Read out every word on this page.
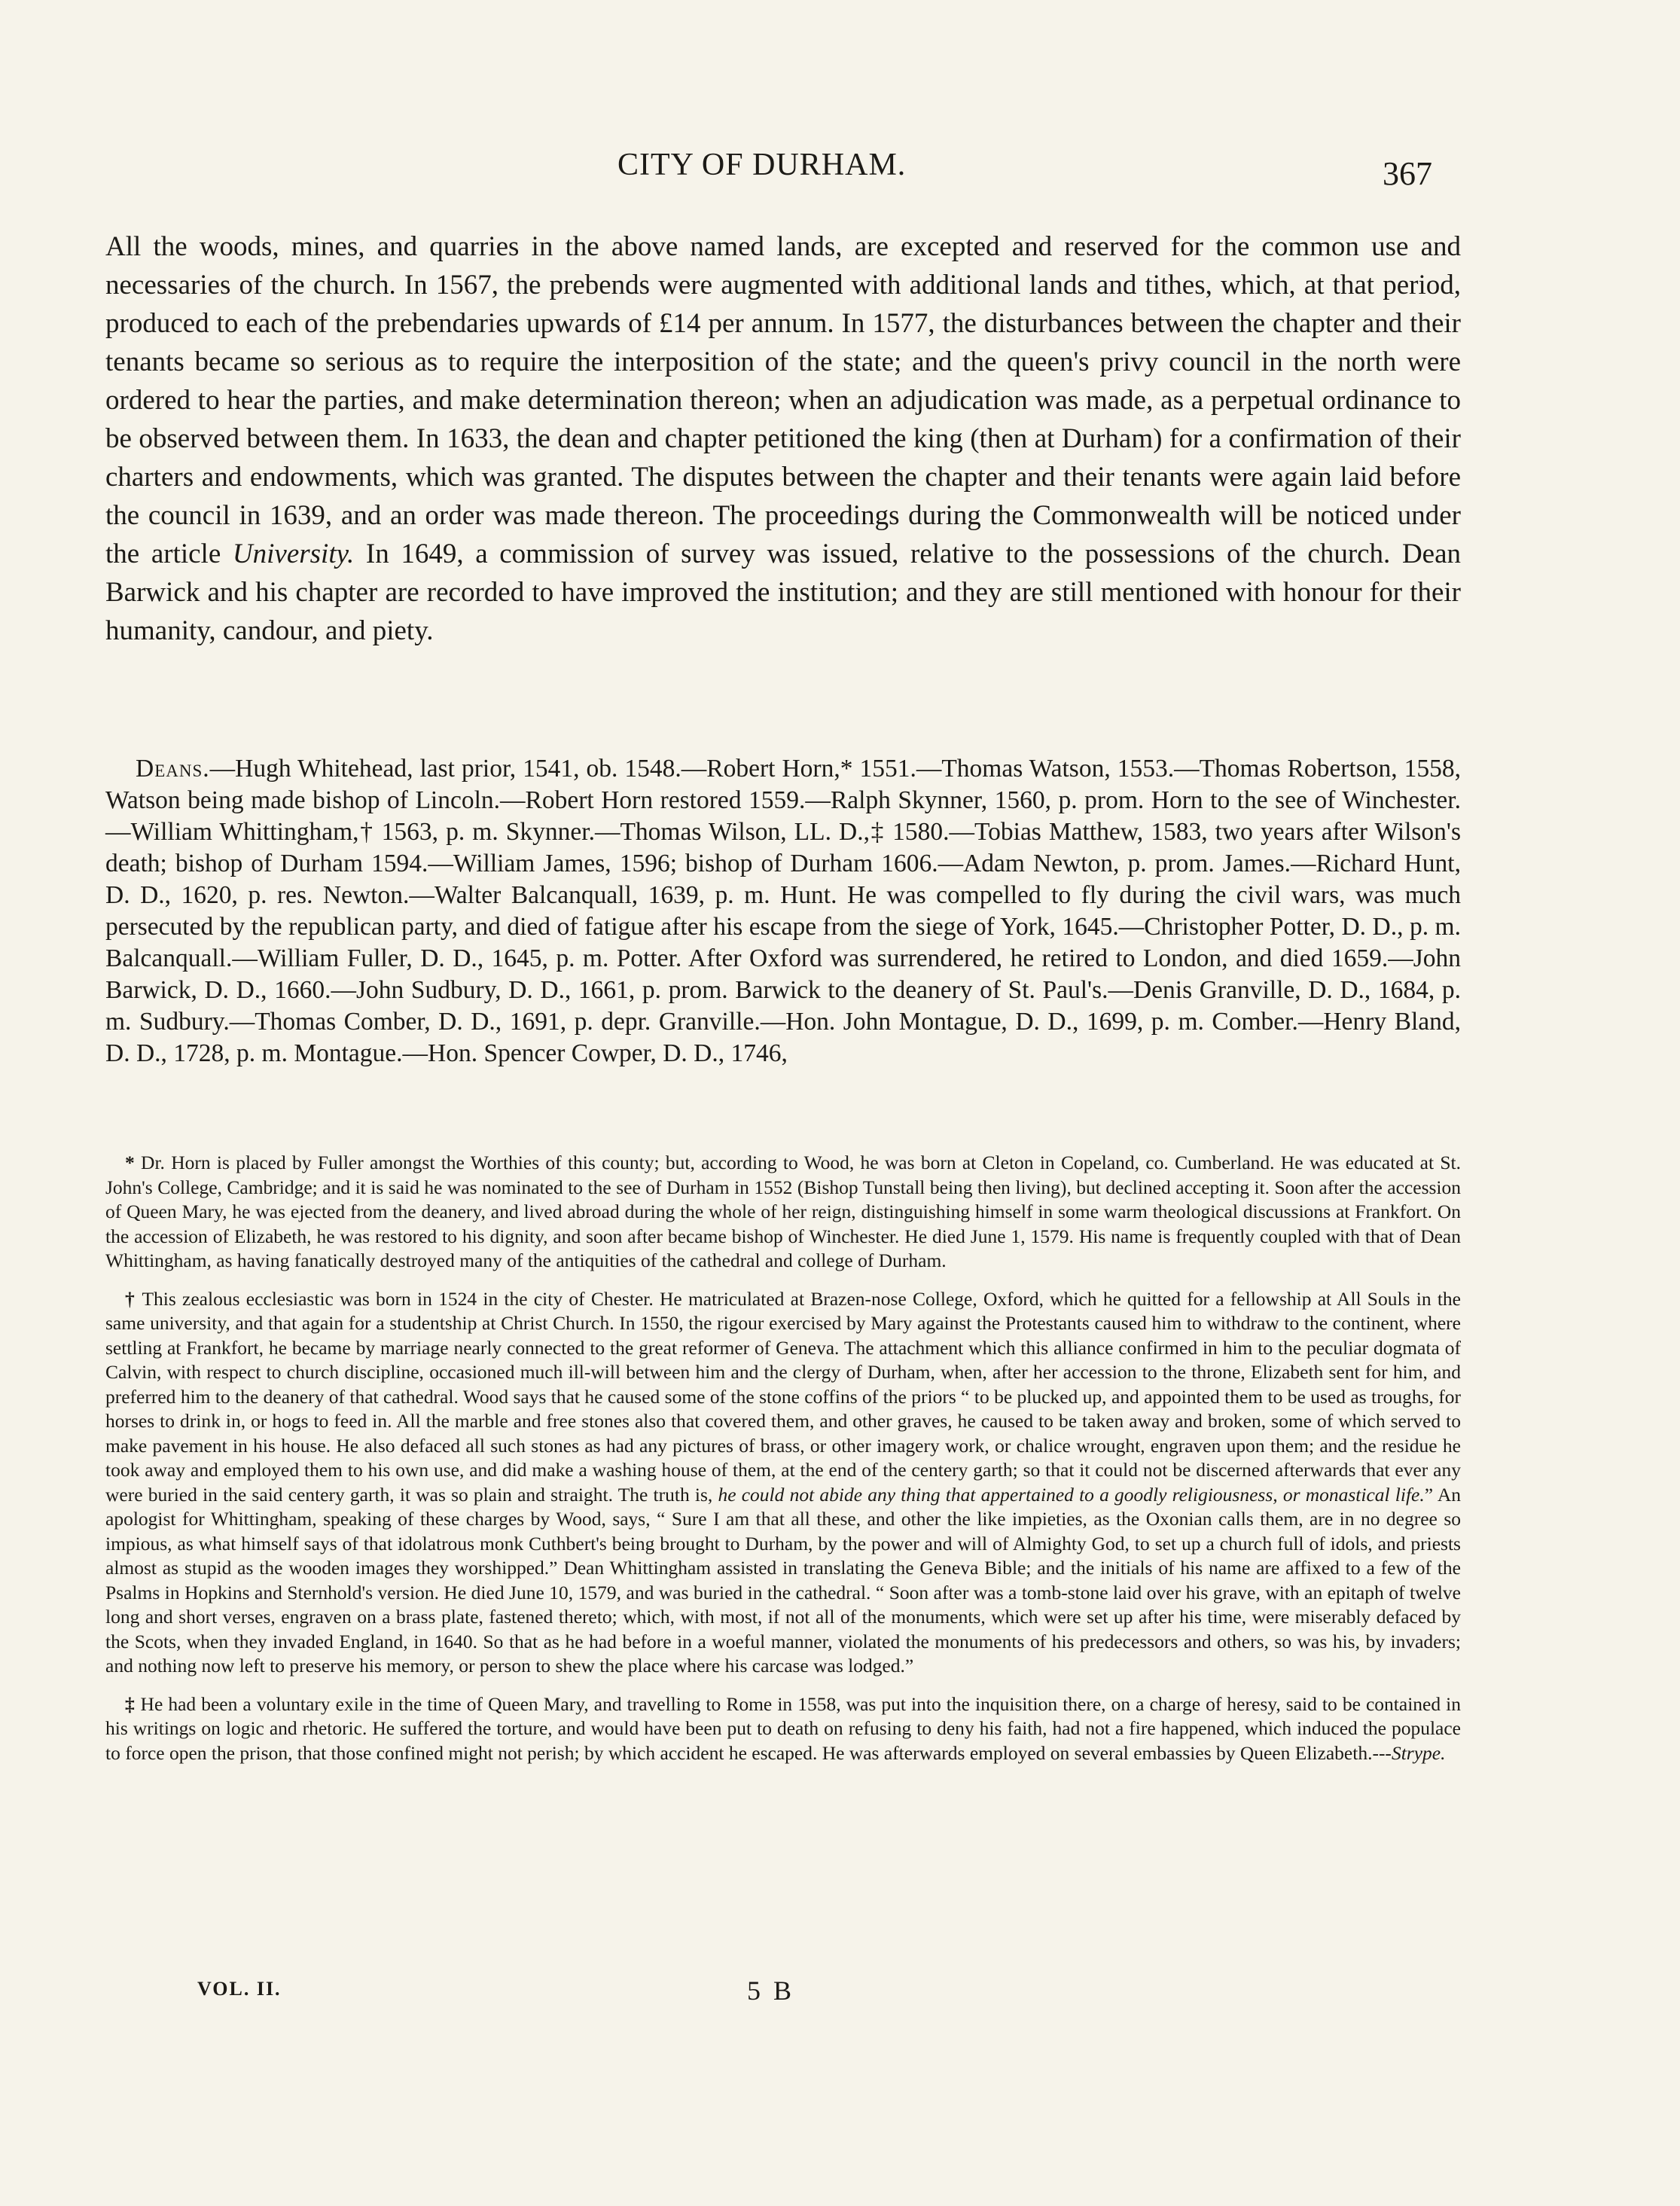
CITY OF DURHAM.	367

All the woods, mines, and quarries in the above named lands, are excepted and reserved for the common use and necessaries of the church. In 1567, the prebends were augmented with additional lands and tithes, which, at that period, produced to each of the prebendaries upwards of £14 per annum. In 1577, the disturbances between the chapter and their tenants became so serious as to require the interposition of the state; and the queen's privy council in the north were ordered to hear the parties, and make determination thereon; when an adjudication was made, as a perpetual ordinance to be observed between them. In 1633, the dean and chapter petitioned the king (then at Durham) for a confirmation of their charters and endowments, which was granted. The disputes between the chapter and their tenants were again laid before the council in 1639, and an order was made thereon. The proceedings during the Commonwealth will be noticed under the article University. In 1649, a commission of survey was issued, relative to the possessions of the church. Dean Barwick and his chapter are recorded to have improved the institution; and they are still mentioned with honour for their humanity, candour, and piety.

Deans.—Hugh Whitehead, last prior, 1541, ob. 1548.—Robert Horn,* 1551.—Thomas Watson, 1553.—Thomas Robertson, 1558, Watson being made bishop of Lincoln.—Robert Horn restored 1559.—Ralph Skynner, 1560, p. prom. Horn to the see of Winchester.—William Whittingham,† 1563, p. m. Skynner.—Thomas Wilson, LL. D.,‡ 1580.—Tobias Matthew, 1583, two years after Wilson's death; bishop of Durham 1594.—William James, 1596; bishop of Durham 1606.—Adam Newton, p. prom. James.—Richard Hunt, D. D., 1620, p. res. Newton.—Walter Balcanquall, 1639, p. m. Hunt. He was compelled to fly during the civil wars, was much persecuted by the republican party, and died of fatigue after his escape from the siege of York, 1645.—Christopher Potter, D. D., p. m. Balcanquall.—William Fuller, D. D., 1645, p. m. Potter. After Oxford was surrendered, he retired to London, and died 1659.—John Barwick, D. D., 1660.—John Sudbury, D. D., 1661, p. prom. Barwick to the deanery of St. Paul's.—Denis Granville, D. D., 1684, p. m. Sudbury.—Thomas Comber, D. D., 1691, p. depr. Granville.—Hon. John Montague, D. D., 1699, p. m. Comber.—Henry Bland, D. D., 1728, p. m. Montague.—Hon. Spencer Cowper, D. D., 1746,

* Dr. Horn is placed by Fuller amongst the Worthies of this county; but, according to Wood, he was born at Cleton in Copeland, co. Cumberland. He was educated at St. John's College, Cambridge; and it is said he was nominated to the see of Durham in 1552 (Bishop Tunstall being then living), but declined accepting it. Soon after the accession of Queen Mary, he was ejected from the deanery, and lived abroad during the whole of her reign, distinguishing himself in some warm theological discussions at Frankfort. On the accession of Elizabeth, he was restored to his dignity, and soon after became bishop of Winchester. He died June 1, 1579. His name is frequently coupled with that of Dean Whittingham, as having fanatically destroyed many of the antiquities of the cathedral and college of Durham.

† This zealous ecclesiastic was born in 1524 in the city of Chester. He matriculated at Brazen-nose College, Oxford, which he quitted for a fellowship at All Souls in the same university, and that again for a studentship at Christ Church. In 1550, the rigour exercised by Mary against the Protestants caused him to withdraw to the continent, where settling at Frankfort, he became by marriage nearly connected to the great reformer of Geneva. The attachment which this alliance confirmed in him to the peculiar dogmata of Calvin, with respect to church discipline, occasioned much ill-will between him and the clergy of Durham, when, after her accession to the throne, Elizabeth sent for him, and preferred him to the deanery of that cathedral. Wood says that he caused some of the stone coffins of the priors “ to be plucked up, and appointed them to be used as troughs, for horses to drink in, or hogs to feed in. All the marble and free stones also that covered them, and other graves, he caused to be taken away and broken, some of which served to make pavement in his house. He also defaced all such stones as had any pictures of brass, or other imagery work, or chalice wrought, engraven upon them; and the residue he took away and employed them to his own use, and did make a washing house of them, at the end of the centery garth; so that it could not be discerned afterwards that ever any were buried in the said centery garth, it was so plain and straight. The truth is, he could not abide any thing that appertained to a goodly religiousness, or monastical life.” An apologist for Whittingham, speaking of these charges by Wood, says, “ Sure I am that all these, and other the like impieties, as the Oxonian calls them, are in no degree so impious, as what himself says of that idolatrous monk Cuthbert's being brought to Durham, by the power and will of Almighty God, to set up a church full of idols, and priests almost as stupid as the wooden images they worshipped.” Dean Whittingham assisted in translating the Geneva Bible; and the initials of his name are affixed to a few of the Psalms in Hopkins and Sternhold's version. He died June 10, 1579, and was buried in the cathedral. “ Soon after was a tomb-stone laid over his grave, with an epitaph of twelve long and short verses, engraven on a brass plate, fastened thereto; which, with most, if not all of the monuments, which were set up after his time, were miserably defaced by the Scots, when they invaded England, in 1640. So that as he had before in a woeful manner, violated the monuments of his predecessors and others, so was his, by invaders; and nothing now left to preserve his memory, or person to shew the place where his carcase was lodged.”

‡ He had been a voluntary exile in the time of Queen Mary, and travelling to Rome in 1558, was put into the inquisition there, on a charge of heresy, said to be contained in his writings on logic and rhetoric. He suffered the torture, and would have been put to death on refusing to deny his faith, had not a fire happened, which induced the populace to force open the prison, that those confined might not perish; by which accident he escaped. He was afterwards employed on several embassies by Queen Elizabeth.---Strype.

VOL. II.	5 B
